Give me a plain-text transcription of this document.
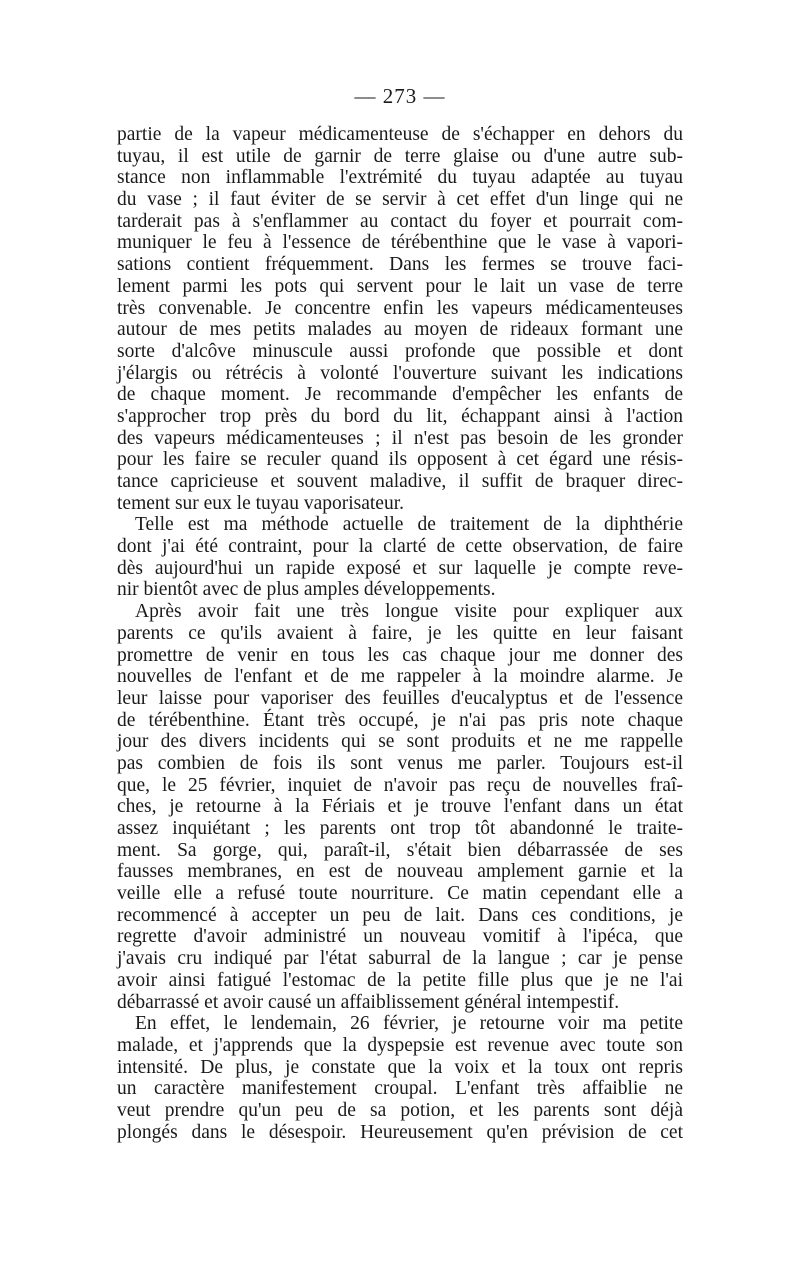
— 273 —
partie de la vapeur médicamenteuse de s'échapper en dehors du
tuyau, il est utile de garnir de terre glaise ou d'une autre sub-
stance non inflammable l'extrémité du tuyau adaptée au tuyau
du vase ; il faut éviter de se servir à cet effet d'un linge qui ne
tarderait pas à s'enflammer au contact du foyer et pourrait com-
muniquer le feu à l'essence de térébenthine que le vase à vapori-
sations contient fréquemment. Dans les fermes se trouve faci-
lement parmi les pots qui servent pour le lait un vase de terre
très convenable. Je concentre enfin les vapeurs médicamenteuses
autour de mes petits malades au moyen de rideaux formant une
sorte d'alcôve minuscule aussi profonde que possible et dont
j'élargis ou rétrécis à volonté l'ouverture suivant les indications
de chaque moment. Je recommande d'empêcher les enfants de
s'approcher trop près du bord du lit, échappant ainsi à l'action
des vapeurs médicamenteuses ; il n'est pas besoin de les gronder
pour les faire se reculer quand ils opposent à cet égard une résis-
tance capricieuse et souvent maladive, il suffit de braquer direc-
tement sur eux le tuyau vaporisateur.
Telle est ma méthode actuelle de traitement de la diphthérie
dont j'ai été contraint, pour la clarté de cette observation, de faire
dès aujourd'hui un rapide exposé et sur laquelle je compte reve-
nir bientôt avec de plus amples développements.
Après avoir fait une très longue visite pour expliquer aux
parents ce qu'ils avaient à faire, je les quitte en leur faisant
promettre de venir en tous les cas chaque jour me donner des
nouvelles de l'enfant et de me rappeler à la moindre alarme. Je
leur laisse pour vaporiser des feuilles d'eucalyptus et de l'essence
de térébenthine. Étant très occupé, je n'ai pas pris note chaque
jour des divers incidents qui se sont produits et ne me rappelle
pas combien de fois ils sont venus me parler. Toujours est-il
que, le 25 février, inquiet de n'avoir pas reçu de nouvelles fraî-
ches, je retourne à la Fériais et je trouve l'enfant dans un état
assez inquiétant ; les parents ont trop tôt abandonné le traite-
ment. Sa gorge, qui, paraît-il, s'était bien débarrassée de ses
fausses membranes, en est de nouveau amplement garnie et la
veille elle a refusé toute nourriture. Ce matin cependant elle a
recommencé à accepter un peu de lait. Dans ces conditions, je
regrette d'avoir administré un nouveau vomitif à l'ipéca, que
j'avais cru indiqué par l'état saburral de la langue ; car je pense
avoir ainsi fatigué l'estomac de la petite fille plus que je ne l'ai
débarrassé et avoir causé un affaiblissement général intempestif.
En effet, le lendemain, 26 février, je retourne voir ma petite
malade, et j'apprends que la dyspepsie est revenue avec toute son
intensité. De plus, je constate que la voix et la toux ont repris
un caractère manifestement croupal. L'enfant très affaiblie ne
veut prendre qu'un peu de sa potion, et les parents sont déjà
plongés dans le désespoir. Heureusement qu'en prévision de cet
